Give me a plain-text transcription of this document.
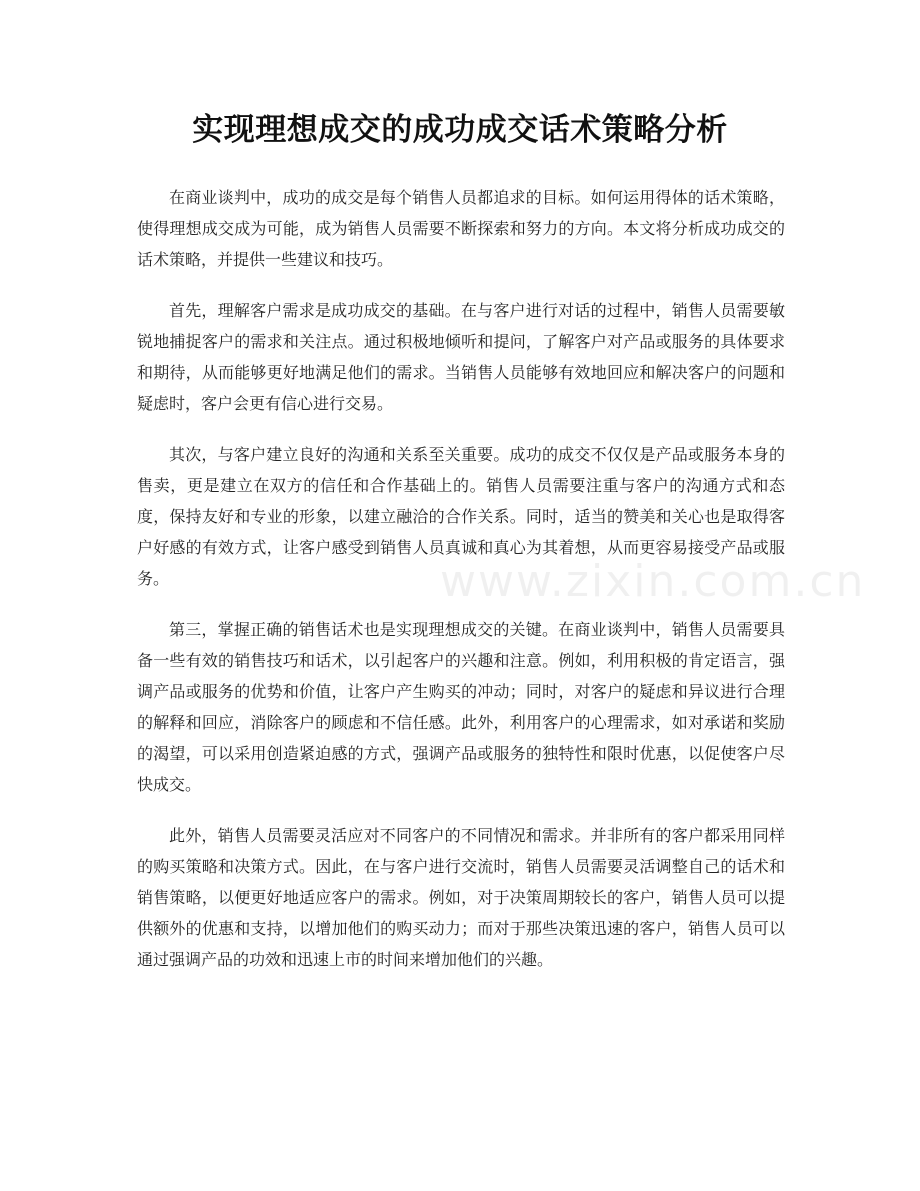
实现理想成交的成功成交话术策略分析

在商业谈判中，成功的成交是每个销售人员都追求的目标。如何运用得体的话术策略，使得理想成交成为可能，成为销售人员需要不断探索和努力的方向。本文将分析成功成交的话术策略，并提供一些建议和技巧。

首先，理解客户需求是成功成交的基础。在与客户进行对话的过程中，销售人员需要敏锐地捕捉客户的需求和关注点。通过积极地倾听和提问，了解客户对产品或服务的具体要求和期待，从而能够更好地满足他们的需求。当销售人员能够有效地回应和解决客户的问题和疑虑时，客户会更有信心进行交易。

其次，与客户建立良好的沟通和关系至关重要。成功的成交不仅仅是产品或服务本身的售卖，更是建立在双方的信任和合作基础上的。销售人员需要注重与客户的沟通方式和态度，保持友好和专业的形象，以建立融洽的合作关系。同时，适当的赞美和关心也是取得客户好感的有效方式，让客户感受到销售人员真诚和真心为其着想，从而更容易接受产品或服务。

第三，掌握正确的销售话术也是实现理想成交的关键。在商业谈判中，销售人员需要具备一些有效的销售技巧和话术，以引起客户的兴趣和注意。例如，利用积极的肯定语言，强调产品或服务的优势和价值，让客户产生购买的冲动；同时，对客户的疑虑和异议进行合理的解释和回应，消除客户的顾虑和不信任感。此外，利用客户的心理需求，如对承诺和奖励的渴望，可以采用创造紧迫感的方式，强调产品或服务的独特性和限时优惠，以促使客户尽快成交。

此外，销售人员需要灵活应对不同客户的不同情况和需求。并非所有的客户都采用同样的购买策略和决策方式。因此，在与客户进行交流时，销售人员需要灵活调整自己的话术和销售策略，以便更好地适应客户的需求。例如，对于决策周期较长的客户，销售人员可以提供额外的优惠和支持，以增加他们的购买动力；而对于那些决策迅速的客户，销售人员可以通过强调产品的功效和迅速上市的时间来增加他们的兴趣。

www.zixin.com.cn
